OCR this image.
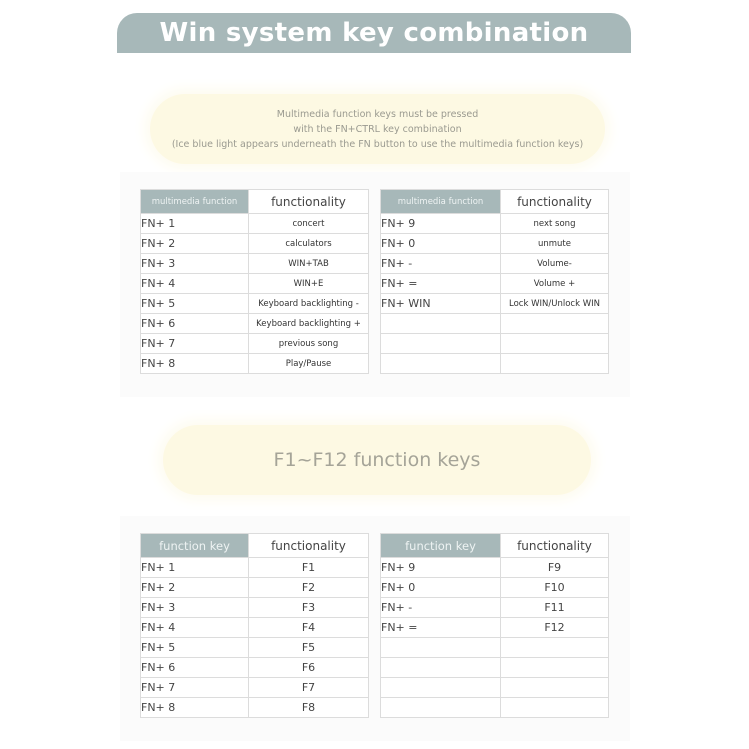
Win system key combination
Multimedia function keys must be pressed
with the FN+CTRL key combination
(Ice blue light appears underneath the FN button to use the multimedia function keys)
multimedia function	functionality
FN+ 1	concert
FN+ 2	calculators
FN+ 3	WIN+TAB
FN+ 4	WIN+E
FN+ 5	Keyboard backlighting -
FN+ 6	Keyboard backlighting +
FN+ 7	previous song
FN+ 8	Play/Pause
multimedia function	functionality
FN+ 9	next song
FN+ 0	unmute
FN+ -	Volume-
FN+ =	Volume +
FN+ WIN	Lock WIN/Unlock WIN

F1~F12 function keys
function key	functionality
FN+ 1	F1
FN+ 2	F2
FN+ 3	F3
FN+ 4	F4
FN+ 5	F5
FN+ 6	F6
FN+ 7	F7
FN+ 8	F8
function key	functionality
FN+ 9	F9
FN+ 0	F10
FN+ -	F11
FN+ =	F12
